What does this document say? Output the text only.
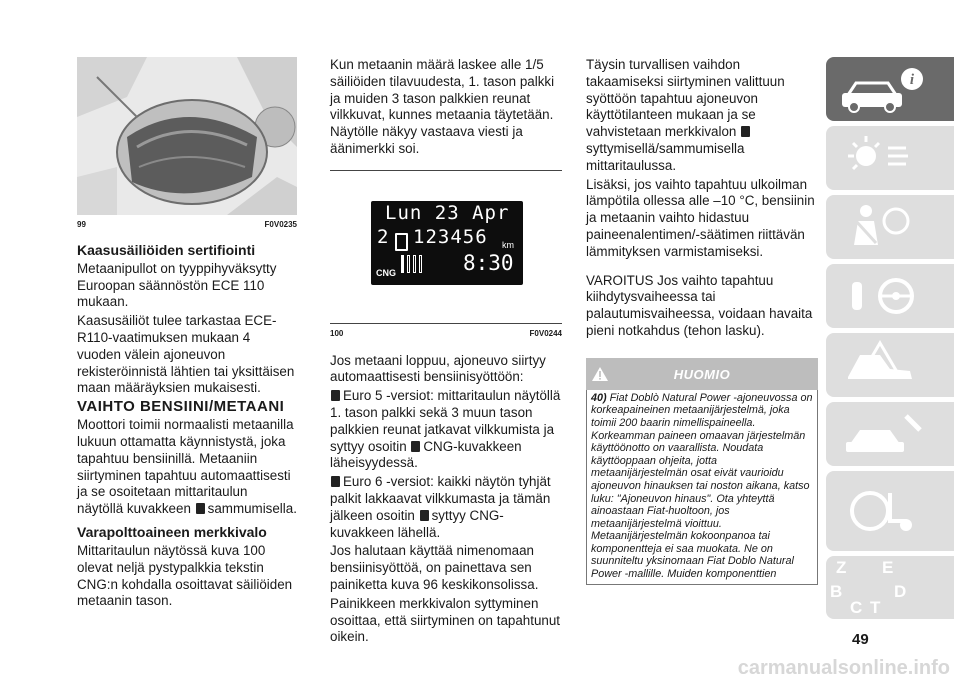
99	F0V0235

Kaasusäiliöiden sertifiointi

Metaanipullot on tyyppihyväksytty Euroopan säännöstön ECE 110 mukaan.

Kaasusäiliöt tulee tarkastaa ECE-R110-vaatimuksen mukaan 4 vuoden välein ajoneuvon rekisteröinnistä lähtien tai yksittäisen maan määräyksien mukaisesti.

VAIHTO BENSIINI/METAANI

Moottori toimii normaalisti metaanilla lukuun ottamatta käynnistystä, joka tapahtuu bensiinillä. Metaaniin siirtyminen tapahtuu automaattisesti ja se osoitetaan mittaritaulun näytöllä kuvakkeen sammumisella.

Varapolttoaineen merkkivalo

Mittaritaulun näytössä kuva 100 olevat neljä pystypalkkia tekstin CNG:n kohdalla osoittavat säiliöiden metaanin tason.

Kun metaanin määrä laskee alle 1/5 säiliöiden tilavuudesta, 1. tason palkki ja muiden 3 tason palkkien reunat vilkkuvat, kunnes metaania täytetään. Näytölle näkyy vastaava viesti ja äänimerkki soi.

Lun 23 Apr
2 123456 km
CNG	8:30
100	F0V0244

Jos metaani loppuu, ajoneuvo siirtyy automaattisesti bensiinisyöttöön:

Euro 5 -versiot: mittaritaulun näytöllä 1. tason palkki sekä 3 muun tason palkkien reunat jatkavat vilkkumista ja syttyy osoitin CNG-kuvakkeen läheisyydessä.

Euro 6 -versiot: kaikki näytön tyhjät palkit lakkaavat vilkkumasta ja tämän jälkeen osoitin syttyy CNG-kuvakkeen lähellä.

Jos halutaan käyttää nimenomaan bensiinisyöttöä, on painettava sen painiketta kuva 96 keskikonsolissa.

Painikkeen merkkivalon syttyminen osoittaa, että siirtyminen on tapahtunut oikein.

Täysin turvallisen vaihdon takaamiseksi siirtyminen valittuun syöttöön tapahtuu ajoneuvon käyttötilanteen mukaan ja se vahvistetaan merkkivalon syttymisellä/sammumisella mittaritaulussa.

Lisäksi, jos vaihto tapahtuu ulkoilman lämpötila ollessa alle –10 °C, bensiinin ja metaanin vaihto hidastuu paineenalentimen/-säätimen riittävän lämmityksen varmistamiseksi.

VAROITUS Jos vaihto tapahtuu kiihdytysvaiheessa tai palautumisvaiheessa, voidaan havaita pieni notkahdus (tehon lasku).

HUOMIO
40) Fiat Doblò Natural Power -ajoneuvossa on korkeapaineinen metaanijärjestelmä, joka toimii 200 baarin nimellispaineella. Korkeamman paineen omaavan järjestelmän käyttöönotto on vaarallista. Noudata käyttöoppaan ohjeita, jotta metaanijärjestelmän osat eivät vaurioidu ajoneuvon hinauksen tai noston aikana, katso luku: "Ajoneuvon hinaus". Ota yhteyttä ainoastaan Fiat-huoltoon, jos metaanijärjestelmä vioittuu. Metaanijärjestelmän kokoonpanoa tai komponentteja ei saa muokata. Ne on suunniteltu yksinomaan Fiat Doblo Natural Power -mallille. Muiden komponenttien
i
Z E
B	D
C T
49
carmanualsonline.info
